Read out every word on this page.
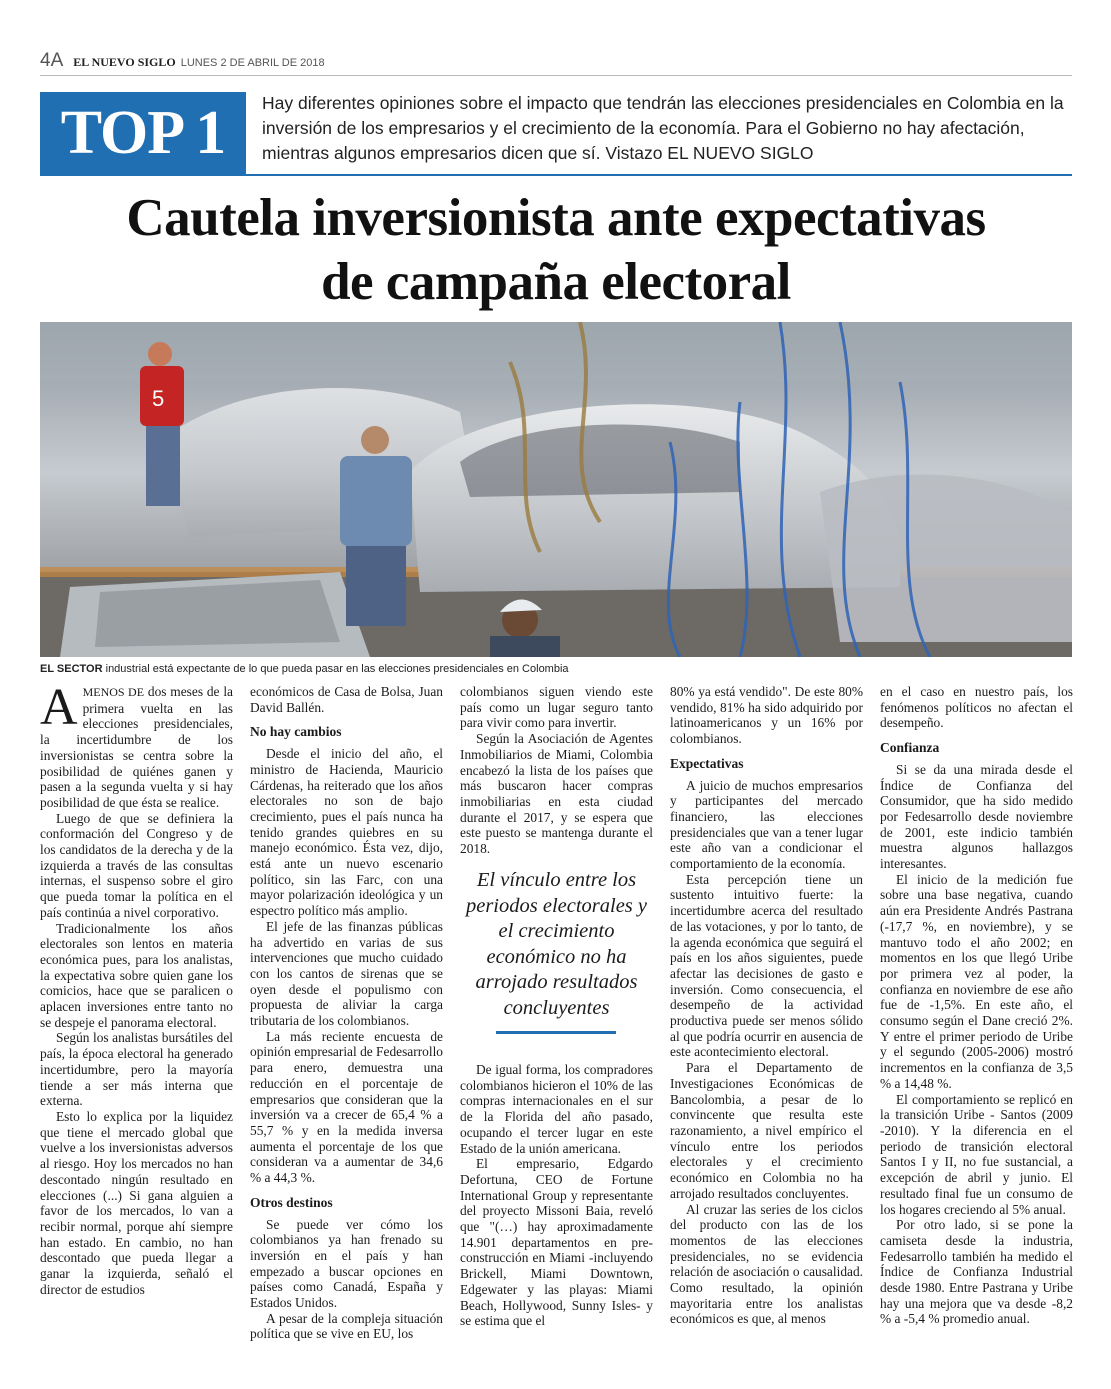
4A EL NUEVO SIGLO LUNES 2 DE ABRIL DE 2018
TOP 1	Hay diferentes opiniones sobre el impacto que tendrán las elecciones presidenciales en Colombia en la inversión de los empresarios y el crecimiento de la economía. Para el Gobierno no hay afectación, mientras algunos empresarios dicen que sí. Vistazo EL NUEVO SIGLO
Cautela inversionista ante expectativas
de campaña electoral
5
EL SECTOR industrial está expectante de lo que pueda pasar en las elecciones presidenciales en Colombia

AMENOS DE dos meses de la primera vuelta en las elecciones presidenciales, la incertidumbre de los inversionistas se centra sobre la posibilidad de quiénes ganen y pasen a la segunda vuelta y si hay posibilidad de que ésta se realice.

Luego de que se definiera la conformación del Congreso y de los candidatos de la derecha y de la izquierda a través de las consultas internas, el suspenso sobre el giro que pueda tomar la política en el país continúa a nivel corporativo.

Tradicionalmente los años electorales son lentos en materia económica pues, para los analistas, la expectativa sobre quien gane los comicios, hace que se paralicen o aplacen inversiones entre tanto no se despeje el panorama electoral.

Según los analistas bursátiles del país, la época electoral ha generado incertidumbre, pero la mayoría tiende a ser más interna que externa.

Esto lo explica por la liquidez que tiene el mercado global que vuelve a los inversionistas adversos al riesgo. Hoy los mercados no han descontado ningún resultado en elecciones (...) Si gana alguien a favor de los mercados, lo van a recibir normal, porque ahí siempre han estado. En cambio, no han descontado que pueda llegar a ganar la izquierda, señaló el director de estudios

económicos de Casa de Bolsa, Juan David Ballén.

No hay cambios

Desde el inicio del año, el ministro de Hacienda, Mauricio Cárdenas, ha reiterado que los años electorales no son de bajo crecimiento, pues el país nunca ha tenido grandes quiebres en su manejo económico. Ésta vez, dijo, está ante un nuevo escenario político, sin las Farc, con una mayor polarización ideológica y un espectro político más amplio.

El jefe de las finanzas públicas ha advertido en varias de sus intervenciones que mucho cuidado con los cantos de sirenas que se oyen desde el populismo con propuesta de aliviar la carga tributaria de los colombianos.

La más reciente encuesta de opinión empresarial de Fedesarrollo para enero, demuestra una reducción en el porcentaje de empresarios que consideran que la inversión va a crecer de 65,4 % a 55,7 % y en la medida inversa aumenta el porcentaje de los que consideran va a aumentar de 34,6 % a 44,3 %.

Otros destinos

Se puede ver cómo los colombianos ya han frenado su inversión en el país y han empezado a buscar opciones en países como Canadá, España y Estados Unidos.

A pesar de la compleja situación política que se vive en EU, los

colombianos siguen viendo este país como un lugar seguro tanto para vivir como para invertir.

Según la Asociación de Agentes Inmobiliarios de Miami, Colombia encabezó la lista de los países que más buscaron hacer compras inmobiliarias en esta ciudad durante el 2017, y se espera que este puesto se mantenga durante el 2018.

El vínculo entre los periodos electorales y el crecimiento económico no ha arrojado resultados concluyentes

De igual forma, los compradores colombianos hicieron el 10% de las compras internacionales en el sur de la Florida del año pasado, ocupando el tercer lugar en este Estado de la unión americana.

El empresario, Edgardo Defortuna, CEO de Fortune International Group y representante del proyecto Missoni Baia, reveló que "(…) hay aproximadamente 14.901 departamentos en pre-construcción en Miami -incluyendo Brickell, Miami Downtown, Edgewater y las playas: Miami Beach, Hollywood, Sunny Isles- y se estima que el

80% ya está vendido". De este 80% vendido, 81% ha sido adquirido por latinoamericanos y un 16% por colombianos.

Expectativas

A juicio de muchos empresarios y participantes del mercado financiero, las elecciones presidenciales que van a tener lugar este año van a condicionar el comportamiento de la economía.

Esta percepción tiene un sustento intuitivo fuerte: la incertidumbre acerca del resultado de las votaciones, y por lo tanto, de la agenda económica que seguirá el país en los años siguientes, puede afectar las decisiones de gasto e inversión. Como consecuencia, el desempeño de la actividad productiva puede ser menos sólido al que podría ocurrir en ausencia de este acontecimiento electoral.

Para el Departamento de Investigaciones Económicas de Bancolombia, a pesar de lo convincente que resulta este razonamiento, a nivel empírico el vínculo entre los periodos electorales y el crecimiento económico en Colombia no ha arrojado resultados concluyentes.

Al cruzar las series de los ciclos del producto con las de los momentos de las elecciones presidenciales, no se evidencia relación de asociación o causalidad. Como resultado, la opinión mayoritaria entre los analistas económicos es que, al menos

en el caso en nuestro país, los fenómenos políticos no afectan el desempeño.

Confianza

Si se da una mirada desde el Índice de Confianza del Consumidor, que ha sido medido por Fedesarrollo desde noviembre de 2001, este indicio también muestra algunos hallazgos interesantes.

El inicio de la medición fue sobre una base negativa, cuando aún era Presidente Andrés Pastrana (-17,7 %, en noviembre), y se mantuvo todo el año 2002; en momentos en los que llegó Uribe por primera vez al poder, la confianza en noviembre de ese año fue de -1,5%. En este año, el consumo según el Dane creció 2%. Y entre el primer periodo de Uribe y el segundo (2005-2006) mostró incrementos en la confianza de 3,5 % a 14,48 %.

El comportamiento se replicó en la transición Uribe - Santos (2009 -2010). Y la diferencia en el periodo de transición electoral Santos I y II, no fue sustancial, a excepción de abril y junio. El resultado final fue un consumo de los hogares creciendo al 5% anual.

Por otro lado, si se pone la camiseta desde la industria, Fedesarrollo también ha medido el Índice de Confianza Industrial desde 1980. Entre Pastrana y Uribe hay una mejora que va desde -8,2 % a -5,4 % promedio anual.
